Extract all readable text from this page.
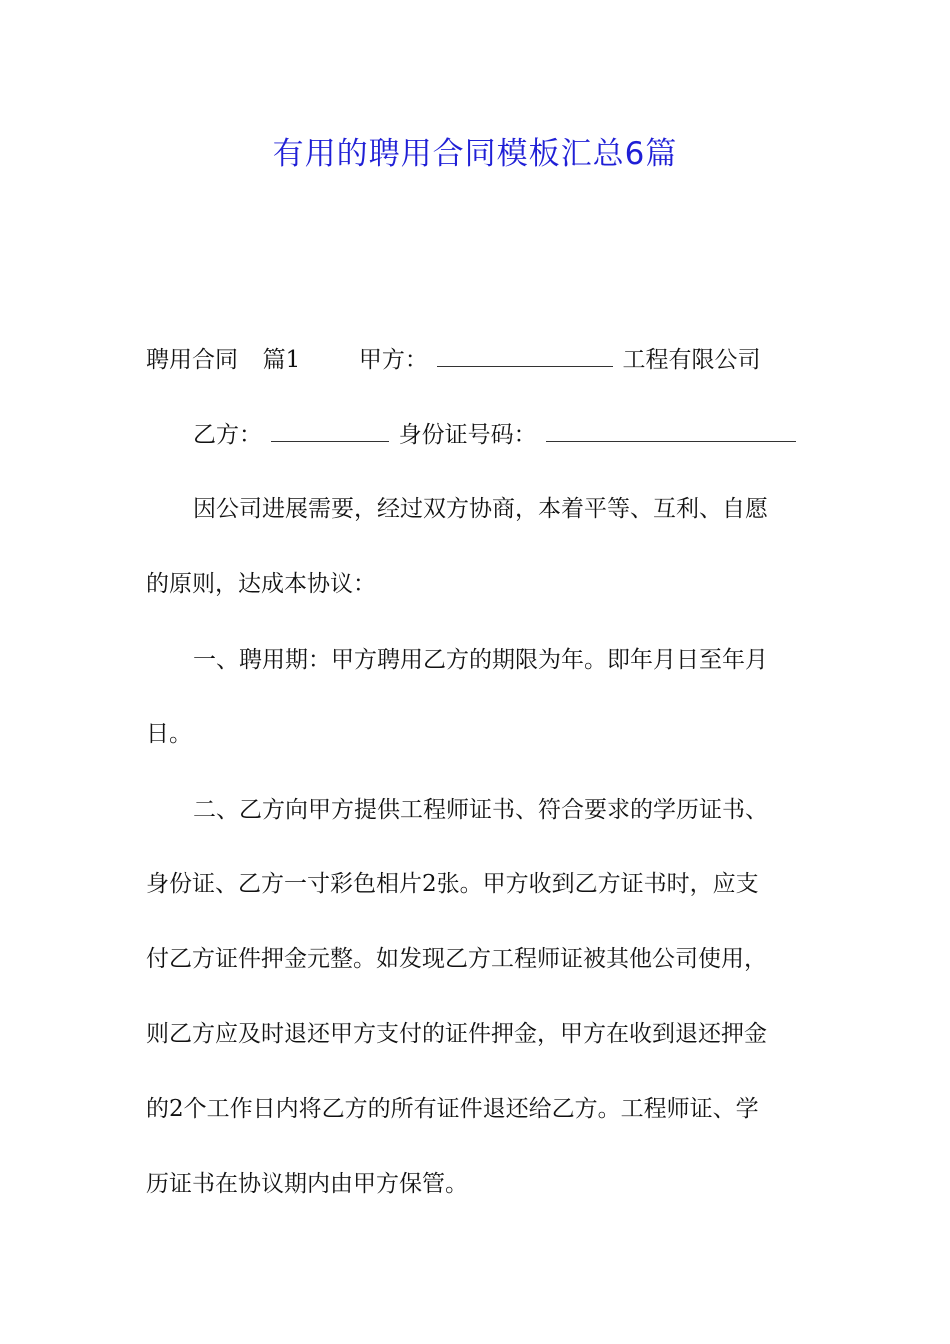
有用的聘用合同模板汇总6篇

聘用合同 篇1	甲方：	工程有限公司

乙方：	身份证号码：

因公司进展需要，经过双方协商，本着平等、互利、自愿

的原则，达成本协议：

一、聘用期：甲方聘用乙方的期限为年。即年月日至年月

日。

二、乙方向甲方提供工程师证书、符合要求的学历证书、

身份证、乙方一寸彩色相片2张。甲方收到乙方证书时，应支

付乙方证件押金元整。如发现乙方工程师证被其他公司使用，

则乙方应及时退还甲方支付的证件押金，甲方在收到退还押金

的2个工作日内将乙方的所有证件退还给乙方。工程师证、学

历证书在协议期内由甲方保管。
